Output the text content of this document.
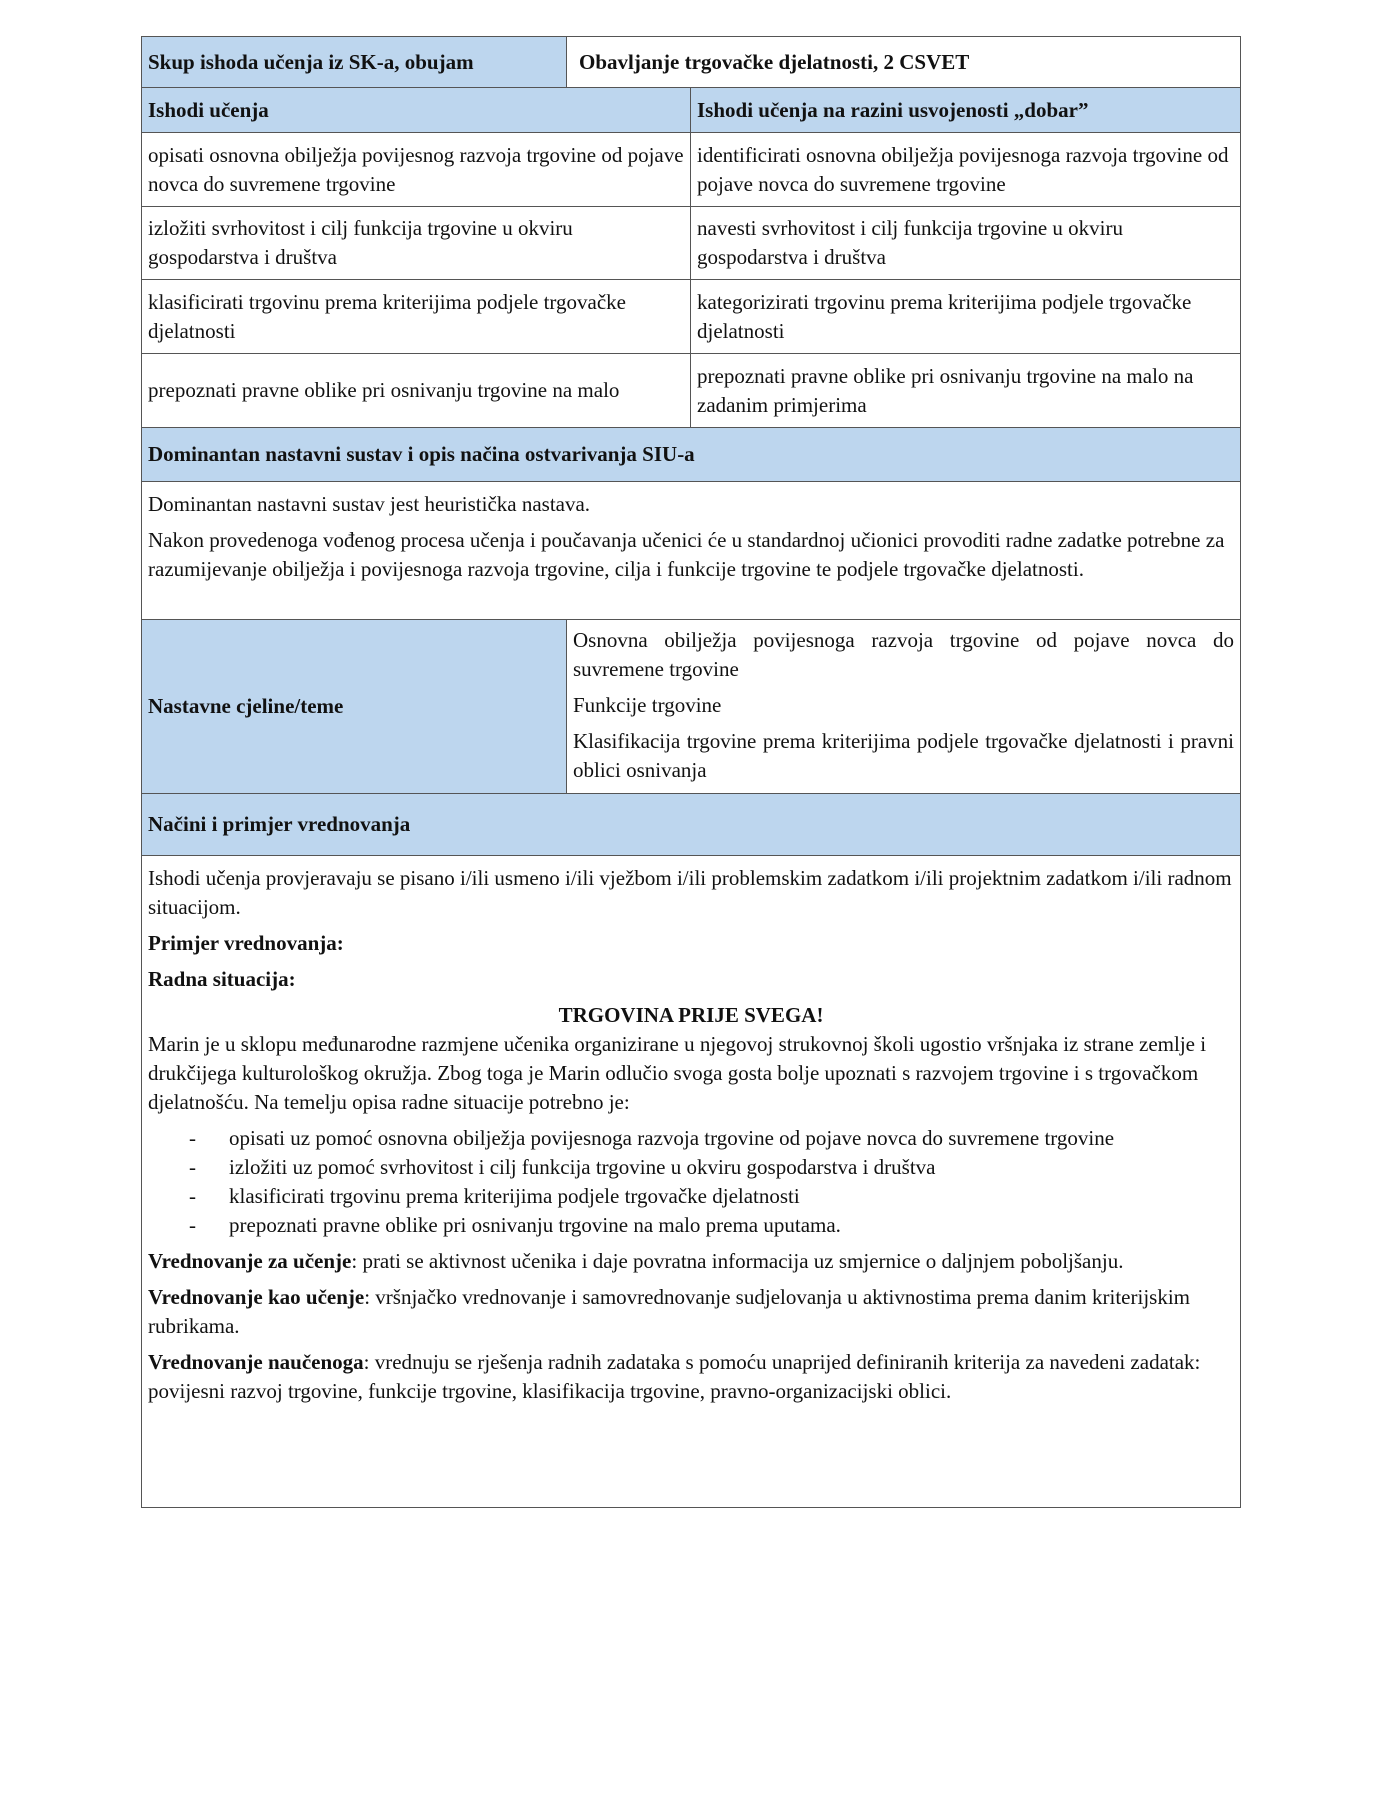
Skup ishoda učenja iz SK-a, obujam	Obavljanje trgovačke djelatnosti, 2 CSVET
Ishodi učenja	Ishodi učenja na razini usvojenosti „dobar”
opisati osnovna obilježja povijesnog razvoja trgovine od pojave novca do suvremene trgovine
identificirati osnovna obilježja povijesnoga razvoja trgovine od pojave novca do suvremene trgovine
izložiti svrhovitost i cilj funkcija trgovine u okviru gospodarstva i društva
navesti svrhovitost i cilj funkcija trgovine u okviru gospodarstva i društva
klasificirati trgovinu prema kriterijima podjele trgovačke djelatnosti
kategorizirati trgovinu prema kriterijima podjele trgovačke djelatnosti
prepoznati pravne oblike pri osnivanju trgovine na malo
prepoznati pravne oblike pri osnivanju trgovine na malo na zadanim primjerima
Dominantan nastavni sustav i opis načina ostvarivanja SIU-a

Dominantan nastavni sustav jest heuristička nastava.

Nakon provedenoga vođenog procesa učenja i poučavanja učenici će u standardnoj učionici provoditi radne zadatke potrebne za razumijevanje obilježja i povijesnoga razvoja trgovine, cilja i funkcije trgovine te podjele trgovačke djelatnosti.

Nastavne cjeline/teme

Osnovna obilježja povijesnoga razvoja trgovine od pojave novca do suvremene trgovine

Funkcije trgovine

Klasifikacija trgovine prema kriterijima podjele trgovačke djelatnosti i pravni oblici osnivanja

Načini i primjer vrednovanja

Ishodi učenja provjeravaju se pisano i/ili usmeno i/ili vježbom i/ili problemskim zadatkom i/ili projektnim zadatkom i/ili radnom situacijom.

Primjer vrednovanja:

Radna situacija:

TRGOVINA PRIJE SVEGA!

Marin je u sklopu međunarodne razmjene učenika organizirane u njegovoj strukovnoj školi ugostio vršnjaka iz strane zemlje i drukčijega kulturološkog okružja. Zbog toga je Marin odlučio svoga gosta bolje upoznati s razvojem trgovine i s trgovačkom djelatnošću. Na temelju opisa radne situacije potrebno je:

- opisati uz pomoć osnovna obilježja povijesnoga razvoja trgovine od pojave novca do suvremene trgovine
- izložiti uz pomoć svrhovitost i cilj funkcija trgovine u okviru gospodarstva i društva
- klasificirati trgovinu prema kriterijima podjele trgovačke djelatnosti
- prepoznati pravne oblike pri osnivanju trgovine na malo prema uputama.

Vrednovanje za učenje: prati se aktivnost učenika i daje povratna informacija uz smjernice o daljnjem poboljšanju.

Vrednovanje kao učenje: vršnjačko vrednovanje i samovrednovanje sudjelovanja u aktivnostima prema danim kriterijskim rubrikama.

Vrednovanje naučenoga: vrednuju se rješenja radnih zadataka s pomoću unaprijed definiranih kriterija za navedeni zadatak: povijesni razvoj trgovine, funkcije trgovine, klasifikacija trgovine, pravno-organizacijski oblici.
